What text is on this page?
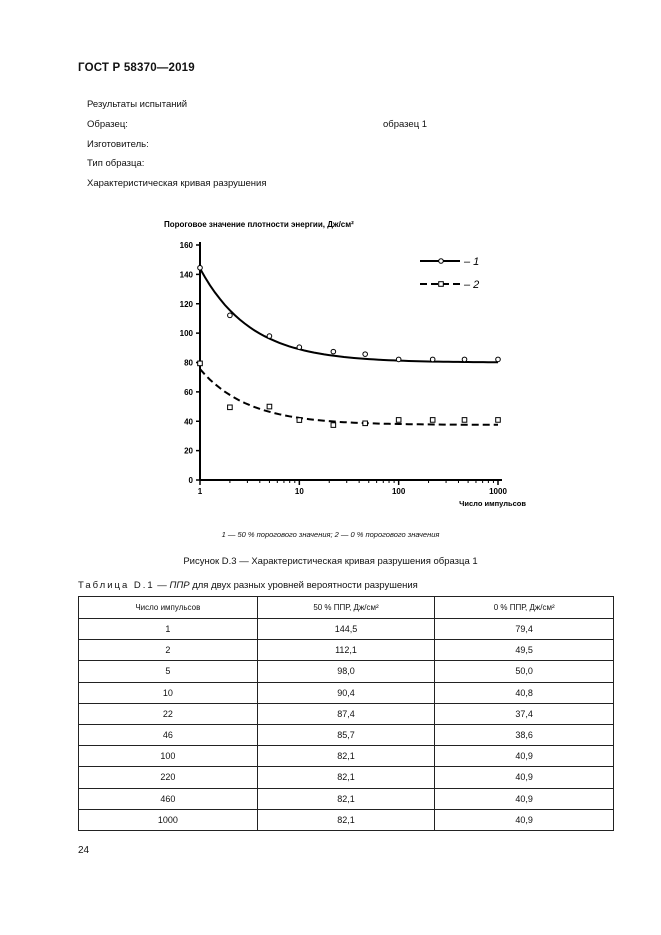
ГОСТ Р 58370—2019
Результаты испытаний
Образец:	образец 1
Изготовитель:
Тип образца:
Характеристическая кривая разрушения
Пороговое значение плотности энергии, Дж/см²
Число импульсов
0
20
40
60
80
100
120
140
160
1	10	100	1000
– 1
– 2
1 — 50 % порогового значения; 2 — 0 % порогового значения
Рисунок D.3 — Характеристическая кривая разрушения образца 1
Таблица D.1 — ППР для двух разных уровней вероятности разрушения
Число импульсов	50 % ППР, Дж/см²	0 % ППР, Дж/см²
1	144,5	79,4
2	112,1	49,5
5	98,0	50,0
10	90,4	40,8
22	87,4	37,4
46	85,7	38,6
100	82,1	40,9
220	82,1	40,9
460	82,1	40,9
1000	82,1	40,9
24
